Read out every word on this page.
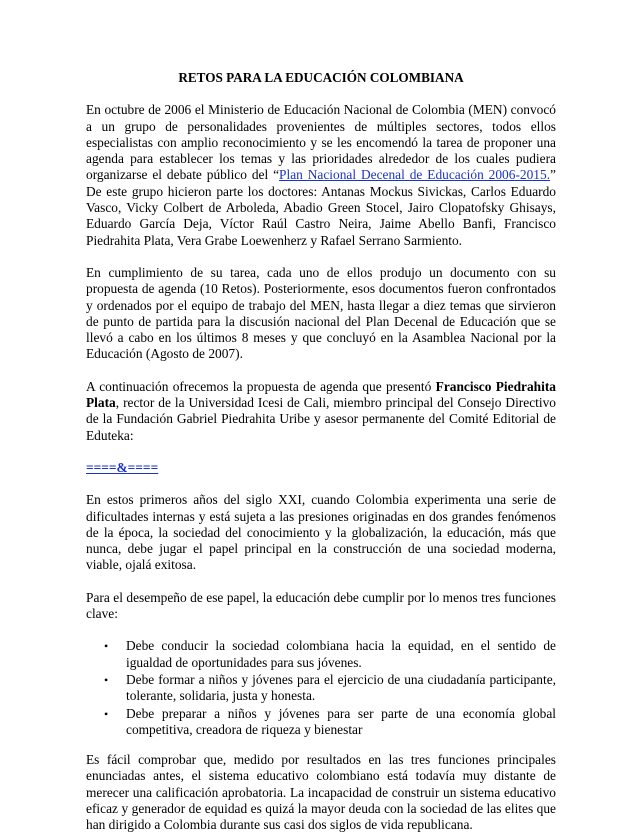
RETOS PARA LA EDUCACIÓN COLOMBIANA

En octubre de 2006 el Ministerio de Educación Nacional de Colombia (MEN) convocó a un grupo de personalidades provenientes de múltiples sectores, todos ellos especialistas con amplio reconocimiento y se les encomendó la tarea de proponer una agenda para establecer los temas y las prioridades alrededor de los cuales pudiera organizarse el debate público del “Plan Nacional Decenal de Educación 2006-2015.” De este grupo hicieron parte los doctores: Antanas Mockus Sivickas, Carlos Eduardo Vasco, Vicky Colbert de Arboleda, Abadio Green Stocel, Jairo Clopatofsky Ghisays, Eduardo García Deja, Víctor Raúl Castro Neira, Jaime Abello Banfi, Francisco Piedrahita Plata, Vera Grabe Loewenherz y Rafael Serrano Sarmiento.

En cumplimiento de su tarea, cada uno de ellos produjo un documento con su propuesta de agenda (10 Retos). Posteriormente, esos documentos fueron confrontados y ordenados por el equipo de trabajo del MEN, hasta llegar a diez temas que sirvieron de punto de partida para la discusión nacional del Plan Decenal de Educación que se llevó a cabo en los últimos 8 meses y que concluyó en la Asamblea Nacional por la Educación (Agosto de 2007).

A continuación ofrecemos la propuesta de agenda que presentó Francisco Piedrahita Plata, rector de la Universidad Icesi de Cali, miembro principal del Consejo Directivo de la Fundación Gabriel Piedrahita Uribe y asesor permanente del Comité Editorial de Eduteka:

====&====

En estos primeros años del siglo XXI, cuando Colombia experimenta una serie de dificultades internas y está sujeta a las presiones originadas en dos grandes fenómenos de la época, la sociedad del conocimiento y la globalización, la educación, más que nunca, debe jugar el papel principal en la construcción de una sociedad moderna, viable, ojalá exitosa.

Para el desempeño de ese papel, la educación debe cumplir por lo menos tres funciones clave:

• Debe conducir la sociedad colombiana hacia la equidad, en el sentido de igualdad de oportunidades para sus jóvenes.
• Debe formar a niños y jóvenes para el ejercicio de una ciudadanía participante, tolerante, solidaria, justa y honesta.
• Debe preparar a niños y jóvenes para ser parte de una economía global competitiva, creadora de riqueza y bienestar

Es fácil comprobar que, medido por resultados en las tres funciones principales enunciadas antes, el sistema educativo colombiano está todavía muy distante de merecer una calificación aprobatoria. La incapacidad de construir un sistema educativo eficaz y generador de equidad es quizá la mayor deuda con la sociedad de las elites que han dirigido a Colombia durante sus casi dos siglos de vida republicana.
